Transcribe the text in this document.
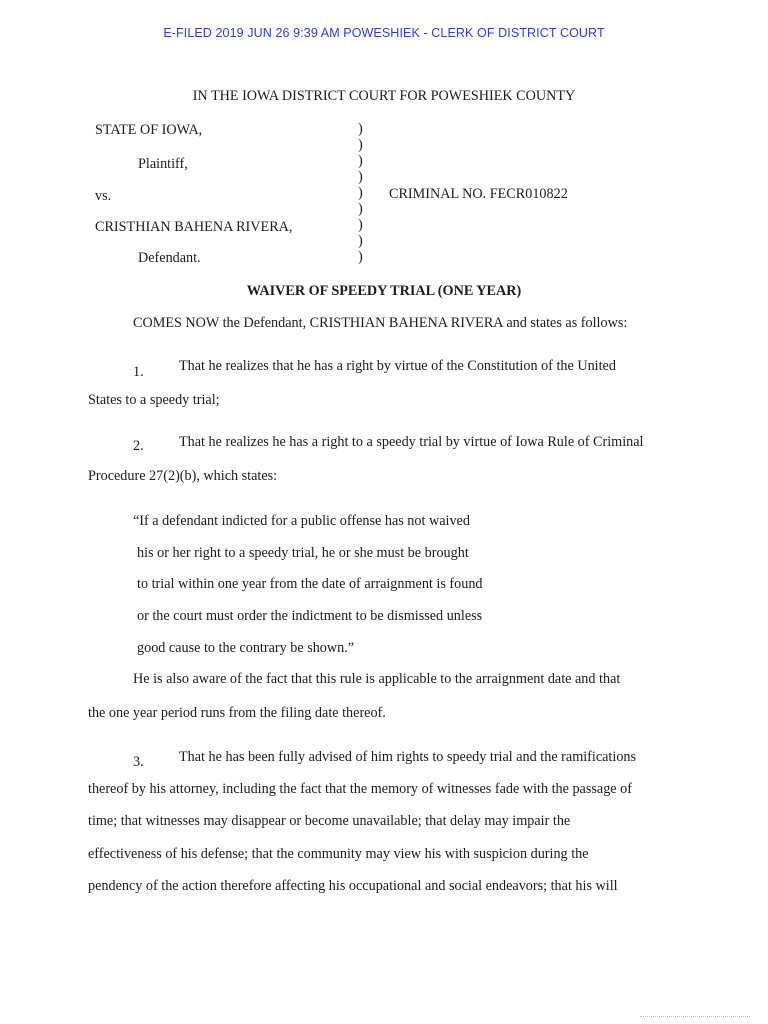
E-FILED 2019 JUN 26 9:39 AM POWESHIEK - CLERK OF DISTRICT COURT
IN THE IOWA DISTRICT COURT FOR POWESHIEK COUNTY
STATE OF IOWA,
Plaintiff,
vs.
CRISTHIAN BAHENA RIVERA,
Defendant.
CRIMINAL NO. FECR010822
)
)
)
)
)
)
)
)
)
WAIVER OF SPEEDY TRIAL (ONE YEAR)
COMES NOW the Defendant, CRISTHIAN BAHENA RIVERA and states as follows:
1. That he realizes that he has a right by virtue of the Constitution of the United
States to a speedy trial;
2. That he realizes he has a right to a speedy trial by virtue of Iowa Rule of Criminal
Procedure 27(2)(b), which states:
“If a defendant indicted for a public offense has not waived
his or her right to a speedy trial, he or she must be brought
to trial within one year from the date of arraignment is found
or the court must order the indictment to be dismissed unless
good cause to the contrary be shown.”
He is also aware of the fact that this rule is applicable to the arraignment date and that
the one year period runs from the filing date thereof.
3. That he has been fully advised of him rights to speedy trial and the ramifications
thereof by his attorney, including the fact that the memory of witnesses fade with the passage of
time; that witnesses may disappear or become unavailable; that delay may impair the
effectiveness of his defense; that the community may view his with suspicion during the
pendency of the action therefore affecting his occupational and social endeavors; that his will
